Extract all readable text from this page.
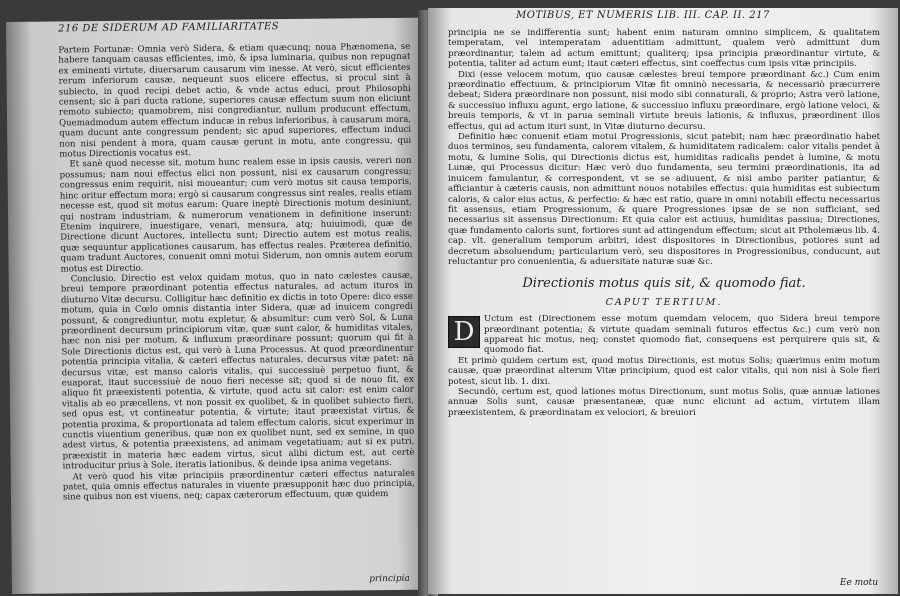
216 DE SIDERUM AD FAMILIARITATES

Partem Fortunæ: Omnia verò Sidera, & etiam quæcunq; noua Phænomena, se habere tanquam causas efficientes, imò, & ipsa luminaria, quibus non repugnat ex eminenti virtute, diuersarum causarum vim inesse. At verò, sicut efficientes rerum inferiorum causæ, nequeunt suos elicere effectus, si procul sint à subiecto, in quod recipi debet actio, & vnde actus educi, prout Philosophi censent; sic à pari ducta ratione, superiores causæ effectum suum non eliciunt remoto subiecto; quamobrem, nisi congrediantur, nullum producunt effectum, Quemadmodum autem effectum inducæ in rebus inferioribus, à causarum mora, quam ducunt ante congressum pendent; sic apud superiores, effectum induci non nisi pendent à mora, quam causæ gerunt in motu, ante congressu, qui motus Directionis vocatus est.

Et sanè quod necesse sit, motum hunc realem esse in ipsis causis, vereri non possumus; nam noui effectus elici non possunt, nisi ex causarum congressu; congressus enim requirit, nisi moueantur; cum verò motus sit causa temporis, hinc oritur effectum mora; ergò si causarum congressus sint reales, realis etiam necesse est, quod sit motus earum: Quare ineptè Directionis motum desiniunt, qui nostram industriam, & numerorum venationem in definitione inserunt: Etenim inquirere, inuestigare, venari, mensura, atq; huiuimodi, quæ de Directione dicunt Auctores, intellectu sunt; Directio autem est motus realis, quæ sequuntur applicationes causarum, has effectus reales. Præterea definitio, quam tradunt Auctores, conuenit omni motui Siderum, non omnis autem eorum motus est Directio.

Conclusio. Directio est velox quidam motus, quo in nato cælestes causæ, breui tempore præordinant potentia effectus naturales, ad actum ituros in diuturno Vitæ decursu. Colligitur hæc definitio ex dictis in toto Opere: dico esse motum, quia in Cœlo omnis distantia inter Sidera, quæ ad inuicem congredi possunt, & congrediuntur, motu expletur, & absumitur: cum verò Sol, & Luna præordinent decursum principiorum vitæ, quæ sunt calor, & humiditas vitales, hæc non nisi per motum, & influxum præordinare possunt; quorum qui fit à Sole Directionis dictus est, qui verò à Luna Processus. At quod præordinentur potentia principia vitalia, & cæteri effectus naturales, decursus vitæ patet: nā decursus vitæ, est manso caloris vitalis, qui successiuè perpetuo fiunt, & euaporat, itaut successiuè de nouo fieri necesse sit; quod si de nouo fit, ex aliquo fit præexistenti potentia, & virtute, quod actu sit calor: est enim calor vitalis ab eo præcellens, vt non possit ex quolibet, & in quolibet subiecto fieri, sed opus est, vt contineatur potentia, & virtute; itaut præexistat virtus, & potentia proxima, & proportionata ad talem effectum caloris, sicut experimur in cunctis viuentium generibus, quæ non ex quolibet nunt, sed ex semine, in quo adest virtus, & potentia præexistens, ad animam vegetatiuam; aut si ex putri, præexistit in materia hæc eadem virtus, sicut alibi dictum est, aut certè introducitur prius à Sole, iteratis lationibus, & deinde ipsa anima vegetans.

At verò quod his vitæ principiis præordinentur cæteri effectus naturales patet, quia omnis effectus naturales in viuente præsupponit hæc duo principia, sine quibus non est viuens, neq; capax cæterorum effectuum, quæ quidem

principia
MOTIBUS, ET NUMERIS LIB. III. CAP. II. 217

principia ne se indifferentia sunt; habent enim naturam omnino simplicem, & qualitatem temperatam, vel intemperatam aduentitiam admittunt, qualem verò admittunt dum præordinantur, talem ad actum emittunt; qualiterq; ipsa principia præordinantur virtute, & potentia, taliter ad actum eunt; itaut cæteri effectus, sint coeffectus cum ipsis vitæ principiis.

Dixi (esse velocem motum, quo causæ cælestes breui tempore præordinant &c.) Cum enim præordinatio effectuum, & principiorum Vitæ fit omninò necessaria, & necessariò præcurrere debeat; Sidera præordinare non possunt, nisi modo sibi connaturali, & proprio; Astra verò latione, & successiuo influxu agunt, ergo latione, & successiuo influxu præordinare, ergò latione veloci, & breuis temporis, & vt in parua seminali virtute breuis lationis, & influxus, præordinent illos effectus, qui ad actum ituri sunt, in Vitæ diuturno decursu.

Definitio hæc conuenit etiam motui Progressionis, sicut patebit; nam hæc præordinatio habet duos terminos, seu fundamenta, calorem vitalem, & humiditatem radicalem: calor vitalis pendet à motu, & lumine Solis, qui Directionis dictus est, humiditas radicalis pendet à lumine, & motu Lunæ, qui Processus dicitur: Hæc verò duo fundamenta, seu termini præordinationis, ita ad inuicem famulantur, & correspondent, vt se se adiuuent, & nisi ambo pariter patiantur, & afficiantur à cæteris causis, non admittunt nouos notabiles effectus: quia humiditas est subiectum caloris, & calor eius actus, & perfectio: & hæc est ratio, quare in omni notabili effectu necessarius fit assensus, etiam Progressionum, & quare Progressiones ipsæ de se non sufficiant, sed necessarius sit assensus Directionum: Et quia calor est actiuus, humiditas passiua; Directiones, quæ fundamento caloris sunt, fortiores sunt ad attingendum effectum; sicut ait Ptholemæus lib. 4. cap. vlt. generalium temporum arbitri, idest dispositores in Directionibus, potiores sunt ad decretum absoluendum; particularium verò, seu dispositores in Progressionibus, conducunt, aut reluctantur pro conuenientia, & aduersitate naturæ suæ &c.

Directionis motus quis sit, & quomodo fiat.
CAPUT TERTIUM.
D	Uctum est (Directionem esse motum quemdam velocem, quo Sidera breui tempore præordinant potentia; & virtute quadam seminali futuros effectus &c.) cum verò non appareat hic motus, neq; constet quomodo fiat, consequens est perquirere quis sit, & quomodo fiat.

Et primò quidem certum est, quod motus Directionis, est motus Solis; quærimus enim motum causæ, quæ præordinat alterum Vitæ principium, quod est calor vitalis, qui non nisi à Sole fieri potest, sicut lib. 1. dixi.

Secundò, certum est, quod lationes motus Directionum, sunt motus Solis, quæ annuæ lationes annuæ Solis sunt, causæ præsentaneæ, quæ nunc eliciunt ad actum, virtutem illam præexistentem, & præordinatam ex velociori, & breuiori

Ee motu
